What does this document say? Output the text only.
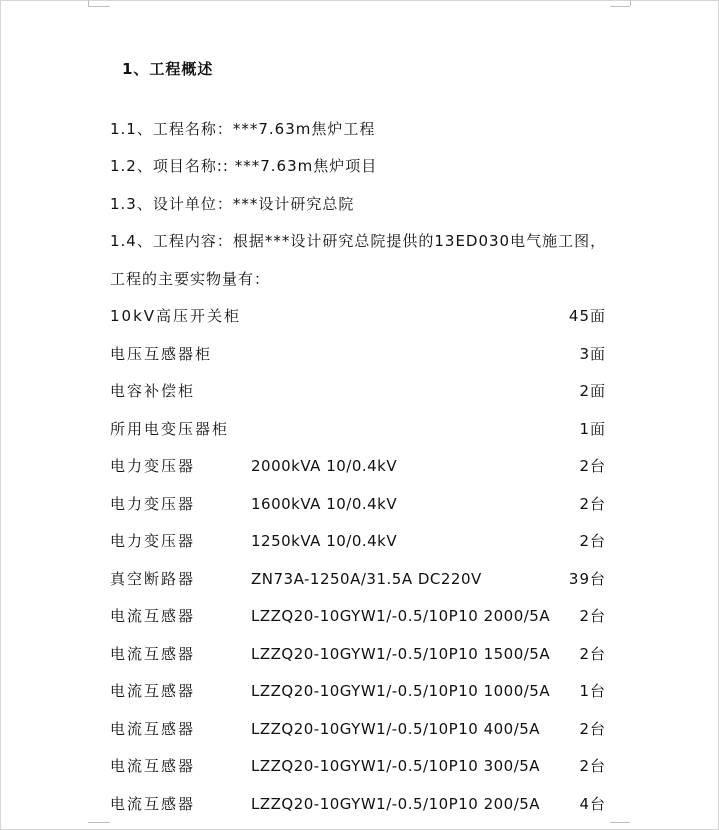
1、工程概述
1.1、工程名称：***7.63m焦炉工程
1.2、项目名称:: ***7.63m焦炉项目
1.3、设计单位：***设计研究总院
1.4、工程内容：根据***设计研究总院提供的13ED030电气施工图，
工程的主要实物量有：
10kV高压开关柜	45面
电压互感器柜	3面
电容补偿柜	2面
所用电变压器柜	1面
电力变压器	2000kVA 10/0.4kV	2台
电力变压器	1600kVA 10/0.4kV	2台
电力变压器	1250kVA 10/0.4kV	2台
真空断路器	ZN73A-1250A/31.5A DC220V	39台
电流互感器	LZZQ20-10GYW1/-0.5/10P10 2000/5A 2台
电流互感器	LZZQ20-10GYW1/-0.5/10P10 1500/5A 2台
电流互感器	LZZQ20-10GYW1/-0.5/10P10 1000/5A 1台
电流互感器	LZZQ20-10GYW1/-0.5/10P10 400/5A	2台
电流互感器	LZZQ20-10GYW1/-0.5/10P10 300/5A	2台
电流互感器	LZZQ20-10GYW1/-0.5/10P10 200/5A	4台
